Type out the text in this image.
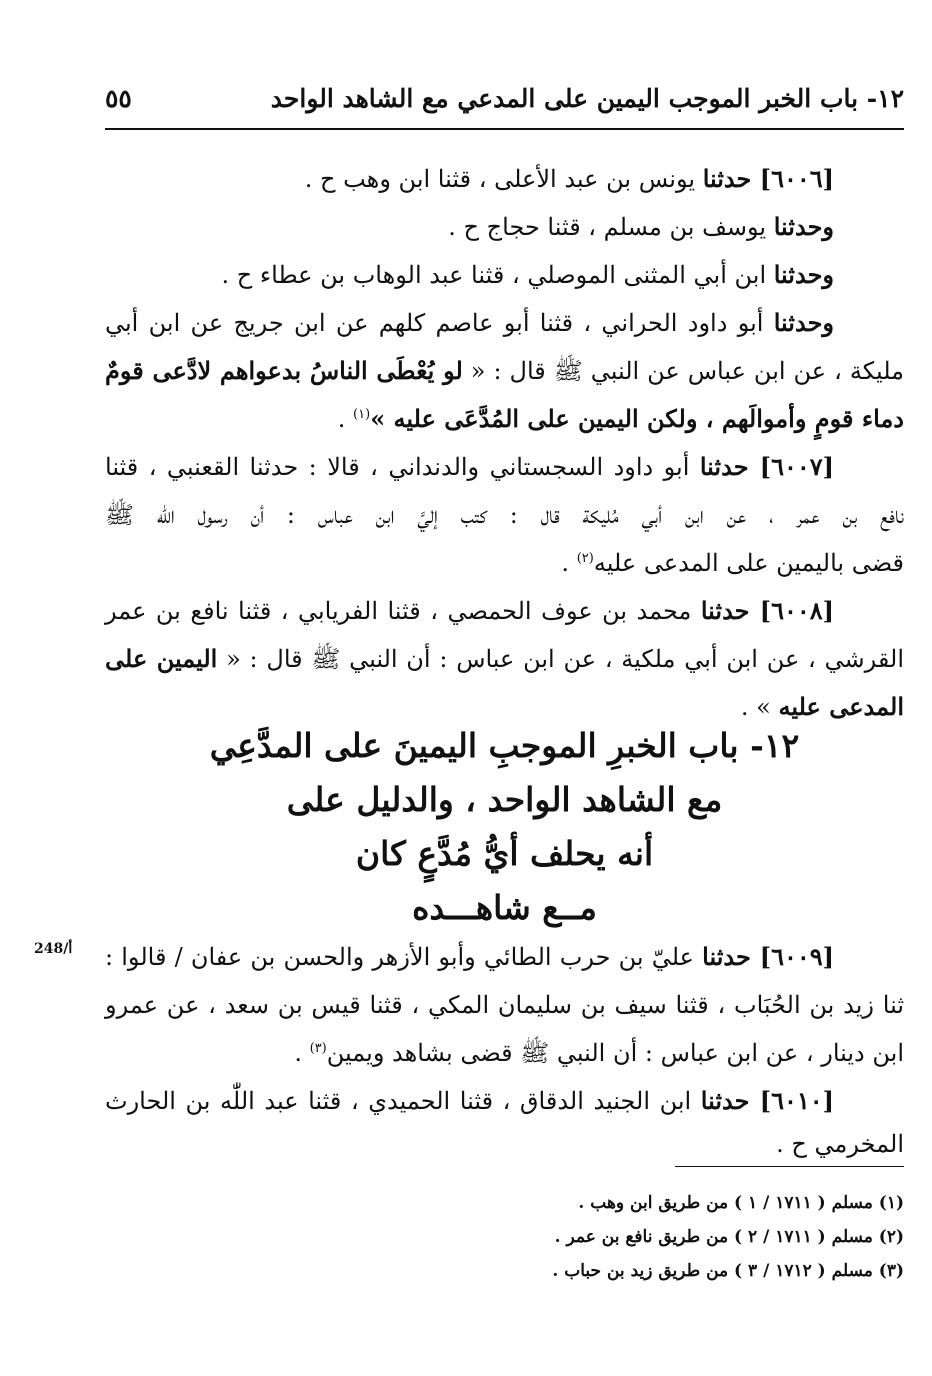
١٢- باب الخبر الموجب اليمين على المدعي مع الشاهد الواحد
٥٥
[٦٠٠٦] حدثنا يونس بن عبد الأعلى ، قثنا ابن وهب ح .
وحدثنا يوسف بن مسلم ، قثنا حجاج ح .
وحدثنا ابن أبي المثنى الموصلي ، قثنا عبد الوهاب بن عطاء ح .
وحدثنا أبو داود الحراني ، قثنا أبو عاصم كلهم عن ابن جريج عن ابن أبي
مليكة ، عن ابن عباس عن النبي ﷺ قال : « لو يُعْطَى الناسُ بدعواهم لادَّعى قومٌ
دماء قومٍ وأموالَهم ، ولكن اليمين على المُدَّعَى عليه »$^{(١)}$ .
[٦٠٠٧] حدثنا أبو داود السجستاني والدنداني ، قالا : حدثنا القعنبي ، قثنا
نافع بن عمر ، عن ابن أبي مُليكة قال : كتب إليَّ ابن عباس : أن رسول اللّٰه ﷺ
قضى باليمين على المدعى عليه$^{(٢)}$ .
[٦٠٠٨] حدثنا محمد بن عوف الحمصي ، قثنا الفريابي ، قثنا نافع بن عمر
القرشي ، عن ابن أبي ملكية ، عن ابن عباس : أن النبي ﷺ قال : « اليمين على
المدعى عليه » .
١٢- باب الخبرِ الموجبِ اليمينَ على المدَّعِي
مع الشاهد الواحد ، والدليل على
أنه يحلف أيُّ مُدَّعٍ كان
مــع شاهـــده
248/أ	[٦٠٠٩] حدثنا عليّ بن حرب الطائي وأبو الأزهر والحسن بن عفان / قالوا :
ثنا زيد بن الحُبَاب ، قثنا سيف بن سليمان المكي ، قثنا قيس بن سعد ، عن عمرو
ابن دينار ، عن ابن عباس : أن النبي ﷺ قضى بشاهد ويمين$^{(٣)}$ .
[٦٠١٠] حدثنا ابن الجنيد الدقاق ، قثنا الحميدي ، قثنا عبد اللّٰه بن الحارث
المخرمي ح .
(١) مسلم ( ١٧١١ / ١ ) من طريق ابن وهب .
(٢) مسلم ( ١٧١١ / ٢ ) من طريق نافع بن عمر .
(٣) مسلم ( ١٧١٢ / ٣ ) من طريق زيد بن حباب .
